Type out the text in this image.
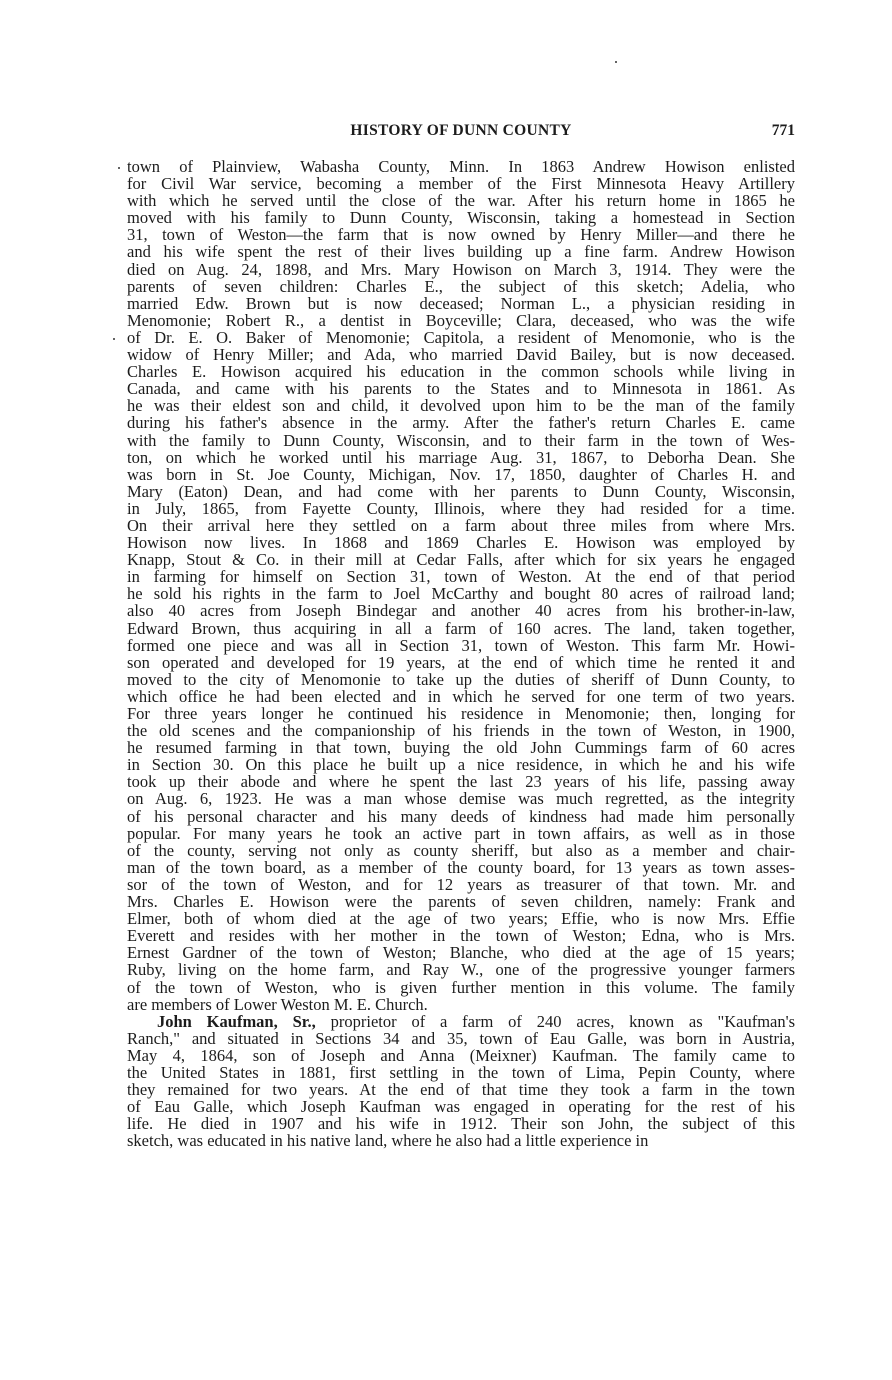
HISTORY OF DUNN COUNTY	771

town of Plainview, Wabasha County, Minn. In 1863 Andrew Howison enlisted
for Civil War service, becoming a member of the First Minnesota Heavy Artillery
with which he served until the close of the war. After his return home in 1865 he
moved with his family to Dunn County, Wisconsin, taking a homestead in Section
31, town of Weston—the farm that is now owned by Henry Miller—and there he
and his wife spent the rest of their lives building up a fine farm. Andrew Howison
died on Aug. 24, 1898, and Mrs. Mary Howison on March 3, 1914. They were the
parents of seven children: Charles E., the subject of this sketch; Adelia, who
married Edw. Brown but is now deceased; Norman L., a physician residing in
Menomonie; Robert R., a dentist in Boyceville; Clara, deceased, who was the wife
of Dr. E. O. Baker of Menomonie; Capitola, a resident of Menomonie, who is the
widow of Henry Miller; and Ada, who married David Bailey, but is now deceased.
Charles E. Howison acquired his education in the common schools while living in
Canada, and came with his parents to the States and to Minnesota in 1861. As
he was their eldest son and child, it devolved upon him to be the man of the family
during his father's absence in the army. After the father's return Charles E. came
with the family to Dunn County, Wisconsin, and to their farm in the town of Wes-
ton, on which he worked until his marriage Aug. 31, 1867, to Deborha Dean. She
was born in St. Joe County, Michigan, Nov. 17, 1850, daughter of Charles H. and
Mary (Eaton) Dean, and had come with her parents to Dunn County, Wisconsin,
in July, 1865, from Fayette County, Illinois, where they had resided for a time.
On their arrival here they settled on a farm about three miles from where Mrs.
Howison now lives. In 1868 and 1869 Charles E. Howison was employed by
Knapp, Stout & Co. in their mill at Cedar Falls, after which for six years he engaged
in farming for himself on Section 31, town of Weston. At the end of that period
he sold his rights in the farm to Joel McCarthy and bought 80 acres of railroad land;
also 40 acres from Joseph Bindegar and another 40 acres from his brother-in-law,
Edward Brown, thus acquiring in all a farm of 160 acres. The land, taken together,
formed one piece and was all in Section 31, town of Weston. This farm Mr. Howi-
son operated and developed for 19 years, at the end of which time he rented it and
moved to the city of Menomonie to take up the duties of sheriff of Dunn County, to
which office he had been elected and in which he served for one term of two years.
For three years longer he continued his residence in Menomonie; then, longing for
the old scenes and the companionship of his friends in the town of Weston, in 1900,
he resumed farming in that town, buying the old John Cummings farm of 60 acres
in Section 30. On this place he built up a nice residence, in which he and his wife
took up their abode and where he spent the last 23 years of his life, passing away
on Aug. 6, 1923. He was a man whose demise was much regretted, as the integrity
of his personal character and his many deeds of kindness had made him personally
popular. For many years he took an active part in town affairs, as well as in those
of the county, serving not only as county sheriff, but also as a member and chair-
man of the town board, as a member of the county board, for 13 years as town asses-
sor of the town of Weston, and for 12 years as treasurer of that town. Mr. and
Mrs. Charles E. Howison were the parents of seven children, namely: Frank and
Elmer, both of whom died at the age of two years; Effie, who is now Mrs. Effie
Everett and resides with her mother in the town of Weston; Edna, who is Mrs.
Ernest Gardner of the town of Weston; Blanche, who died at the age of 15 years;
Ruby, living on the home farm, and Ray W., one of the progressive younger farmers
of the town of Weston, who is given further mention in this volume. The family
are members of Lower Weston M. E. Church.

John Kaufman, Sr., proprietor of a farm of 240 acres, known as "Kaufman's
Ranch," and situated in Sections 34 and 35, town of Eau Galle, was born in Austria,
May 4, 1864, son of Joseph and Anna (Meixner) Kaufman. The family came to
the United States in 1881, first settling in the town of Lima, Pepin County, where
they remained for two years. At the end of that time they took a farm in the town
of Eau Galle, which Joseph Kaufman was engaged in operating for the rest of his
life. He died in 1907 and his wife in 1912. Their son John, the subject of this
sketch, was educated in his native land, where he also had a little experience in
